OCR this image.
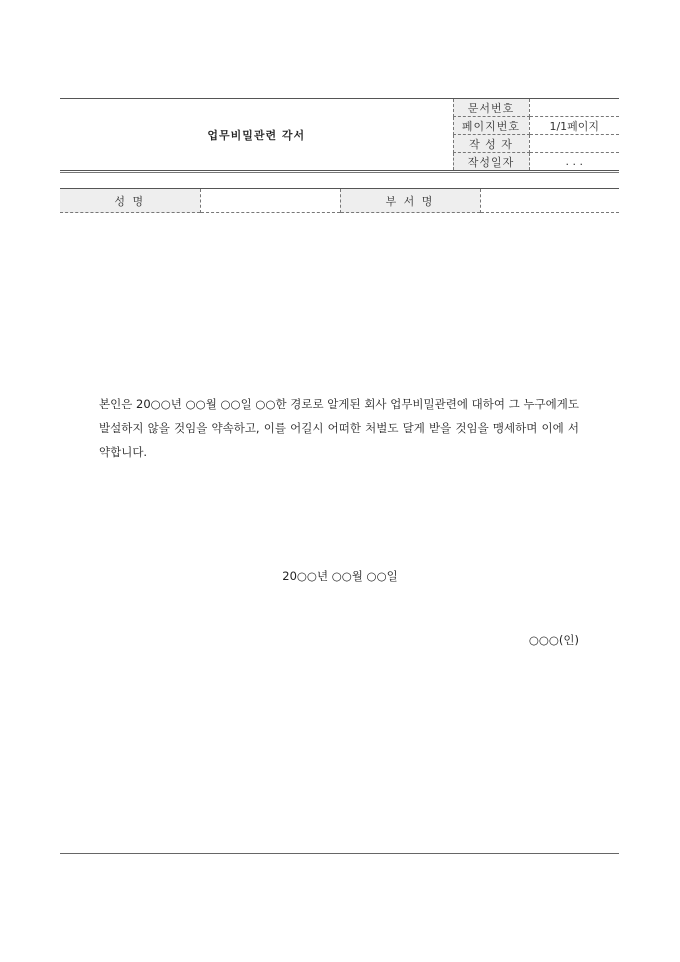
업무비밀관련 각서	문서번호	
	페이지번호	1/1페이지
	작 성 자	
	작성일자	. . .
성 명		부 서 명	
본인은 20○○년 ○○월 ○○일 ○○한 경로로 알게된 회사 업무비밀관련에 대하여 그 누구에게도 발설하지 않을 것임을 약속하고, 이를 어길시 어떠한 처벌도 달게 받을 것임을 맹세하며 이에 서약합니다.
20○○년 ○○월 ○○일
○○○(인)
